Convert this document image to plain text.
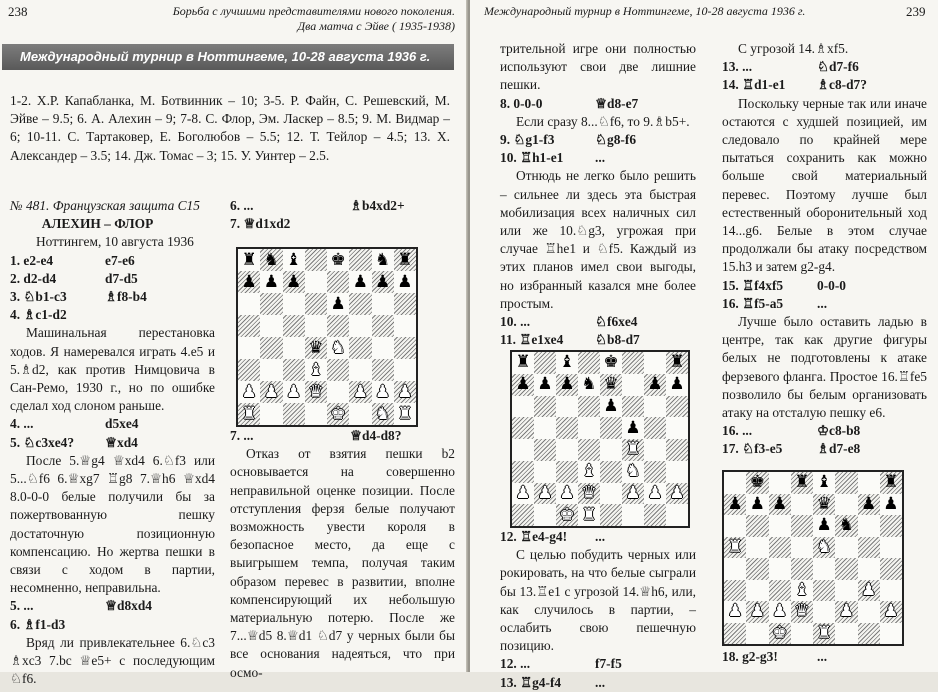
238	Борьба с лучшими представителями нового поколения.
Два матча с Эйве ( 1935-1938)
Международный турнир в Ноттингеме, 10-28 августа 1936 г.
1-2. Х.Р. Капабланка, М. Ботвинник – 10; 3-5. Р. Файн, С. Решевский, М. Эйве – 9.5; 6. А. Алехин – 9; 7-8. С. Флор, Эм. Ласкер – 8.5; 9. М. Видмар – 6; 10-11. С. Тартаковер, Е. Боголюбов – 5.5; 12. Т. Тейлор – 4.5; 13. Х. Александер – 3.5; 14. Дж. Томас – 3; 15. У. Уинтер – 2.5.
№ 481. Французская защита С15
АЛЕХИН – ФЛОР
Ноттингем, 10 августа 1936
1. e2-e4	e7-e6
2. d2-d4	d7-d5
3. ♘b1-c3	♗f8-b4
4. ♗c1-d2
Машинальная перестановка ходов. Я намеревался играть 4.e5 и 5.♗d2, как против Нимцовича в Сан-Ремо, 1930 г., но по ошибке сделал ход слоном раньше.
4. ...	d5xe4
5. ♘c3xe4?	♕xd4
После 5.♕g4 ♕xd4 6.♘f3 или 5...♘f6 6.♕xg7 ♖g8 7.♕h6 ♕xd4 8.0-0-0 белые получили бы за пожертвованную пешку достаточную позиционную компенсацию. Но жертва пешки в связи с ходом в партии, несомненно, неправильна.
5. ...	♕d8xd4
6. ♗f1-d3
Вряд ли привлекательнее 6.♘c3 ♗xc3 7.bc ♕e5+ с последующим ♘f6.
6. ...	♗b4xd2+
7. ♕d1xd2
♜ ♞ ♝ ♚ ♞ ♜
♟ ♟ ♟	♟ ♟ ♟
♟
♛ ♞
♝
♟ ♟ ♟ ♛ ♟ ♟ ♟
♜	♚ ♞ ♜
7. ...	♕d4-d8?
Отказ от взятия пешки b2 основывается на совершенно неправильной оценке позиции. После отступления ферзя белые получают возможность увести короля в безопасное место, да еще с выигрышем темпа, получая таким образом перевес в развитии, вполне компенсирующий их небольшую материальную потерю. После же 7...♕d5 8.♕d1 ♘d7 у черных были бы все основания надеяться, что при осмо-
Международный турнир в Ноттингеме, 10-28 августа 1936 г.	239
трительной игре они полностью используют свои две лишние пешки.
8. 0-0-0	♕d8-e7
Если сразу 8...♘f6, то 9.♗b5+.
9. ♘g1-f3	♘g8-f6
10. ♖h1-e1	...
Отнюдь не легко было решить – сильнее ли здесь эта быстрая мобилизация всех наличных сил или же 10.♘g3, угрожая при случае ♖he1 и ♘f5. Каждый из этих планов имел свои выгоды, но избранный казался мне более простым.
10. ...	♘f6xe4
11. ♖e1xe4	♘b8-d7
♜ ♝ ♚	♜
♟ ♟ ♟ ♞ ♛ ♟ ♟
♟
♟
♜
♝ ♞
♟ ♟ ♟ ♛ ♟ ♟ ♟
♚ ♜
12. ♖e4-g4!	...
С целью побудить черных или рокировать, на что белые сыграли бы 13.♖e1 с угрозой 14.♕h6, или, как случилось в партии, – ослабить свою пешечную позицию.
12. ...	f7-f5
13. ♖g4-f4	...
С угрозой 14.♗xf5.
13. ...	♘d7-f6
14. ♖d1-e1	♗c8-d7?
Поскольку черные так или иначе остаются с худшей позицией, им следовало по крайней мере пытаться сохранить как можно больше свой материальный перевес. Поэтому лучше был естественный оборонительный ход 14...g6. Белые в этом случае продолжали бы атаку посредством 15.h3 и затем g2-g4.
15. ♖f4xf5	0-0-0
16. ♖f5-a5	...
Лучше было оставить ладью в центре, так как другие фигуры белых не подготовлены к атаке ферзевого фланга. Простое 16.♖fe5 позволило бы белым организовать атаку на отсталую пешку e6.
16. ...	♔c8-b8
17. ♘f3-e5	♗d7-e8
♚ ♜ ♝	♜
♟ ♟ ♟ ♛ ♟ ♟
♟ ♞
♜	♞
♝	♟
♟ ♟ ♟ ♛ ♟ ♟
♚ ♜
18. g2-g3!	...
